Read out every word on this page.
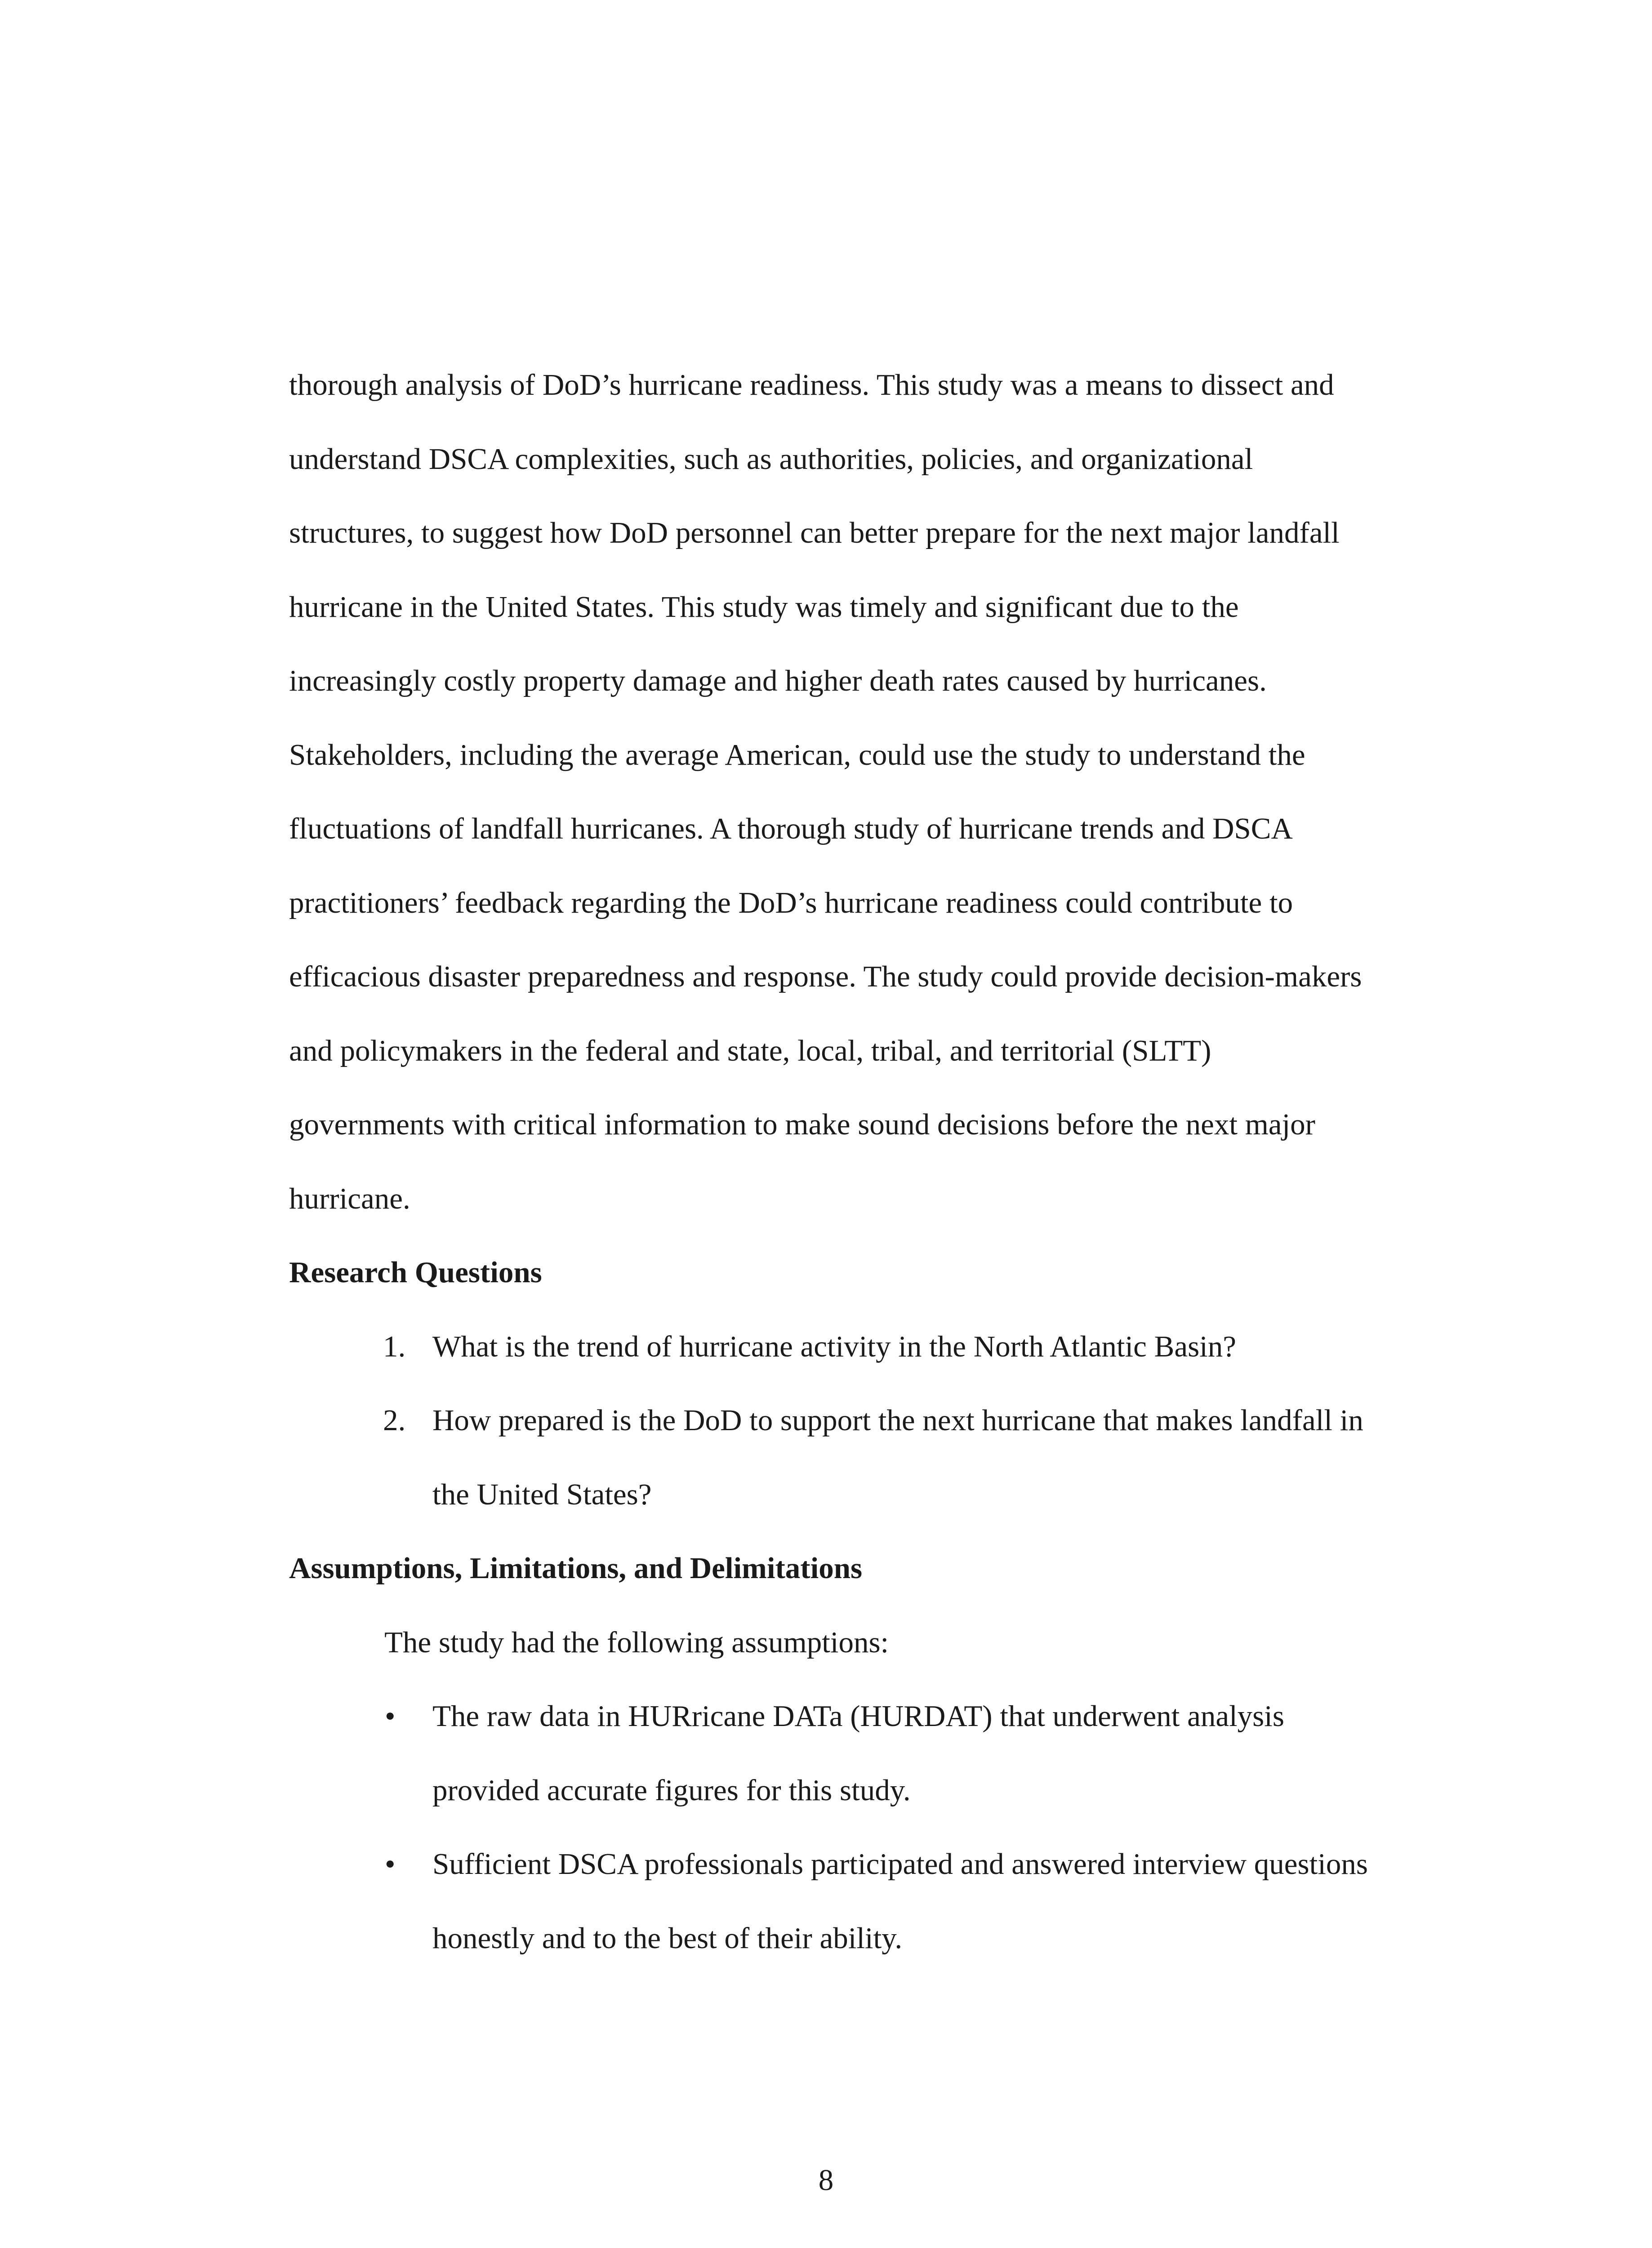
thorough analysis of DoD’s hurricane readiness. This study was a means to dissect and

understand DSCA complexities, such as authorities, policies, and organizational

structures, to suggest how DoD personnel can better prepare for the next major landfall

hurricane in the United States. This study was timely and significant due to the

increasingly costly property damage and higher death rates caused by hurricanes.

Stakeholders, including the average American, could use the study to understand the

fluctuations of landfall hurricanes. A thorough study of hurricane trends and DSCA

practitioners’ feedback regarding the DoD’s hurricane readiness could contribute to

efficacious disaster preparedness and response. The study could provide decision-makers

and policymakers in the federal and state, local, tribal, and territorial (SLTT)

governments with critical information to make sound decisions before the next major

hurricane.

Research Questions

1. What is the trend of hurricane activity in the North Atlantic Basin?
2. How prepared is the DoD to support the next hurricane that makes landfall in
the United States?

Assumptions, Limitations, and Delimitations

The study had the following assumptions:

• The raw data in HURricane DATa (HURDAT) that underwent analysis
provided accurate figures for this study.
• Sufficient DSCA professionals participated and answered interview questions
honestly and to the best of their ability.
8
